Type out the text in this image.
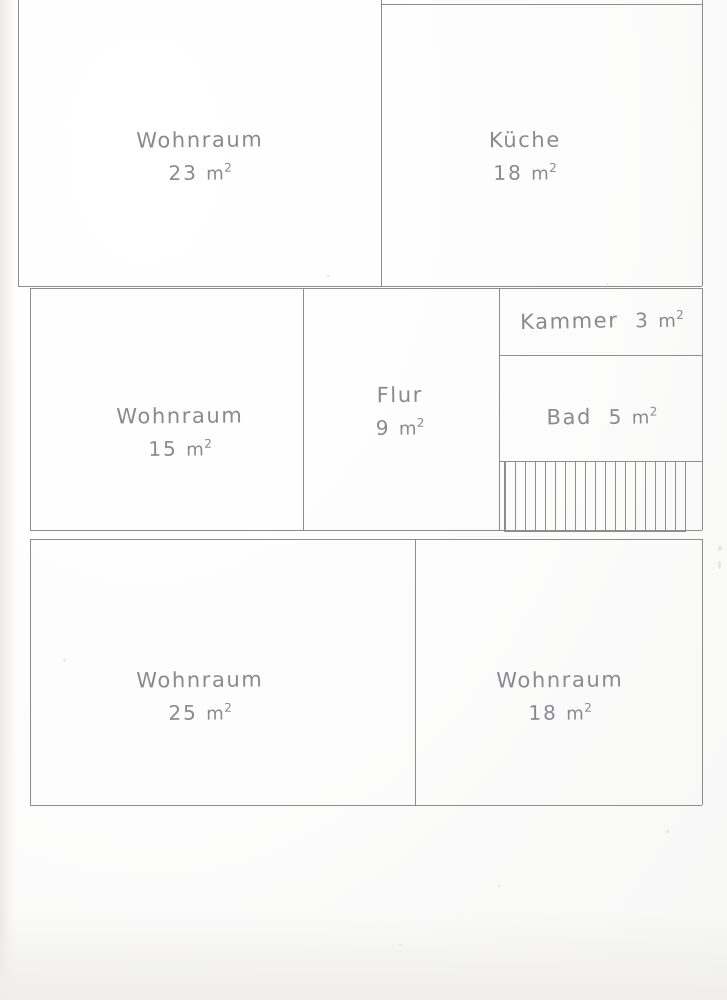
Wohnraum
23 $m^2$
Küche
18 $m^2$
Wohnraum
15 $m^2$
Flur
9 $m^2$
Kammer 3 $m^2$
Bad 5 $m^2$
Wohnraum
25 $m^2$
Wohnraum
18 $m^2$
